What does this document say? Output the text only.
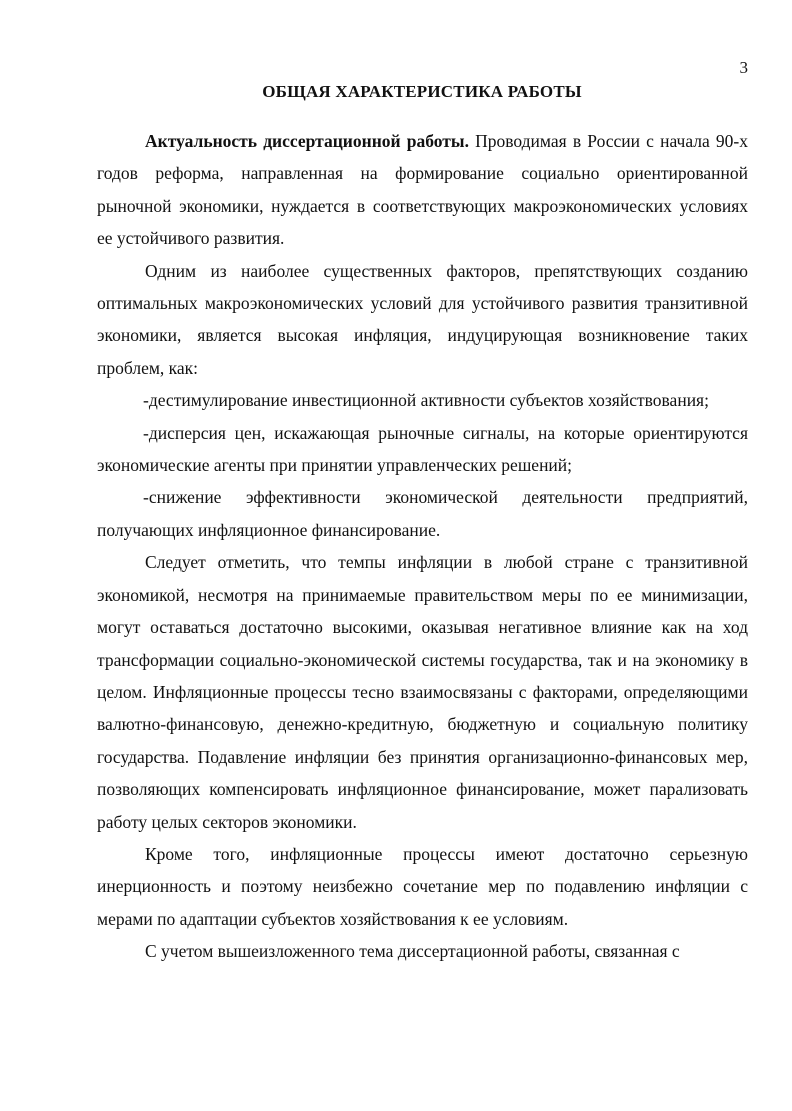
3
ОБЩАЯ ХАРАКТЕРИСТИКА РАБОТЫ

Актуальность диссертационной работы. Проводимая в России с начала 90-х годов реформа, направленная на формирование социально ориентированной рыночной экономики, нуждается в соответствующих макроэкономических условиях ее устойчивого развития.

Одним из наиболее существенных факторов, препятствующих созданию оптимальных макроэкономических условий для устойчивого развития транзитивной экономики, является высокая инфляция, индуцирующая возникновение таких проблем, как:

-дестимулирование инвестиционной активности субъектов хозяйствования;

-дисперсия цен, искажающая рыночные сигналы, на которые ориентируются экономические агенты при принятии управленческих решений;

-снижение эффективности экономической деятельности предприятий, получающих инфляционное финансирование.

Следует отметить, что темпы инфляции в любой стране с транзитивной экономикой, несмотря на принимаемые правительством меры по ее минимизации, могут оставаться достаточно высокими, оказывая негативное влияние как на ход трансформации социально-экономической системы государства, так и на экономику в целом. Инфляционные процессы тесно взаимосвязаны с факторами, определяющими валютно-финансовую, денежно-кредитную, бюджетную и социальную политику государства. Подавление инфляции без принятия организационно-финансовых мер, позволяющих компенсировать инфляционное финансирование, может парализовать работу целых секторов экономики.

Кроме того, инфляционные процессы имеют достаточно серьезную инерционность и поэтому неизбежно сочетание мер по подавлению инфляции с мерами по адаптации субъектов хозяйствования к ее условиям.

С учетом вышеизложенного тема диссертационной работы, связанная с
